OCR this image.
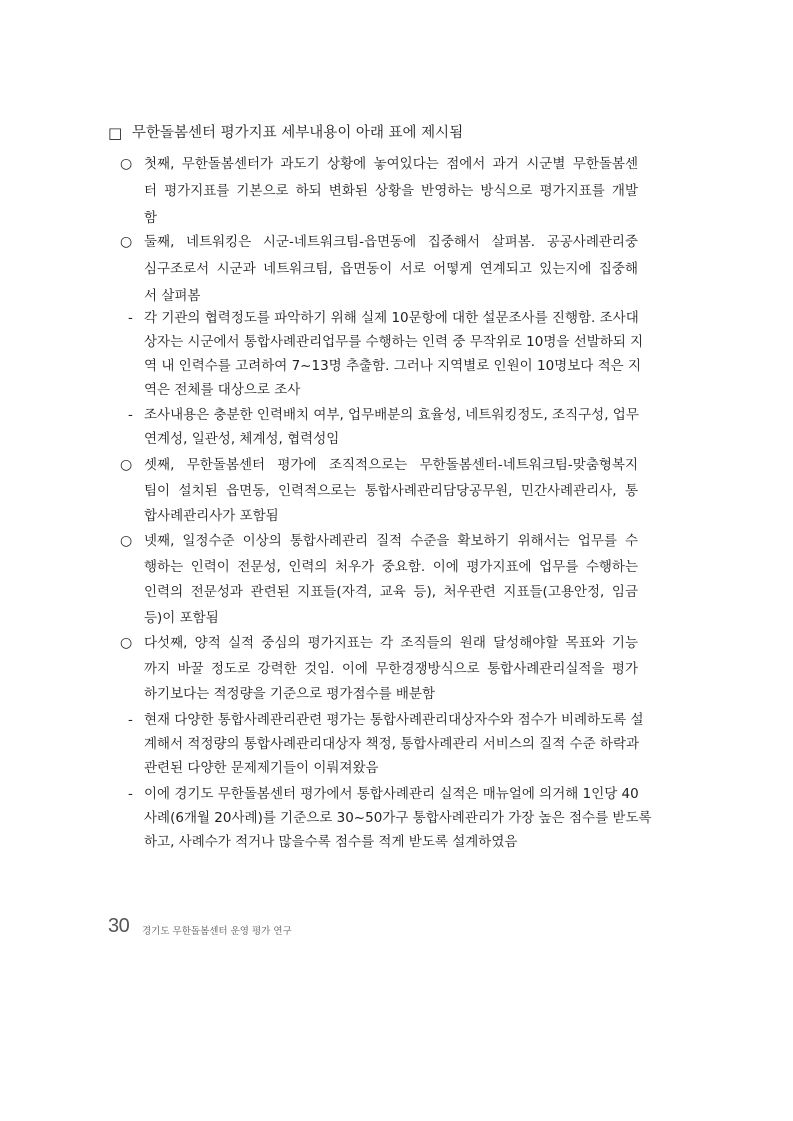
□ 무한돌봄센터 평가지표 세부내용이 아래 표에 제시됨
○ 첫째, 무한돌봄센터가 과도기 상황에 놓여있다는 점에서 과거 시군별 무한돌봄센
터 평가지표를 기본으로 하되 변화된 상황을 반영하는 방식으로 평가지표를 개발
함
○ 둘째, 네트워킹은 시군-네트워크팀-읍면동에 집중해서 살펴봄. 공공사례관리중
심구조로서 시군과 네트워크팀, 읍면동이 서로 어떻게 연계되고 있는지에 집중해
서 살펴봄
- 각 기관의 협력정도를 파악하기 위해 실제 10문항에 대한 설문조사를 진행함. 조사대
상자는 시군에서 통합사례관리업무를 수행하는 인력 중 무작위로 10명을 선발하되 지
역 내 인력수를 고려하여 7~13명 추출함. 그러나 지역별로 인원이 10명보다 적은 지
역은 전체를 대상으로 조사
- 조사내용은 충분한 인력배치 여부, 업무배분의 효율성, 네트워킹정도, 조직구성, 업무
연계성, 일관성, 체계성, 협력성임
○ 셋째, 무한돌봄센터 평가에 조직적으로는 무한돌봄센터-네트워크팀-맞춤형복지
팀이 설치된 읍면동, 인력적으로는 통합사례관리담당공무원, 민간사례관리사, 통
합사례관리사가 포함됨
○ 넷째, 일정수준 이상의 통합사례관리 질적 수준을 확보하기 위해서는 업무를 수
행하는 인력이 전문성, 인력의 처우가 중요함. 이에 평가지표에 업무를 수행하는
인력의 전문성과 관련된 지표들(자격, 교육 등), 처우관련 지표들(고용안정, 임금
등)이 포함됨
○ 다섯째, 양적 실적 중심의 평가지표는 각 조직들의 원래 달성해야할 목표와 기능
까지 바꿀 정도로 강력한 것임. 이에 무한경쟁방식으로 통합사례관리실적을 평가
하기보다는 적정량을 기준으로 평가점수를 배분함
- 현재 다양한 통합사례관리관련 평가는 통합사례관리대상자수와 점수가 비례하도록 설
계해서 적정량의 통합사례관리대상자 책정, 통합사례관리 서비스의 질적 수준 하락과
관련된 다양한 문제제기들이 이뤄져왔음
- 이에 경기도 무한돌봄센터 평가에서 통합사례관리 실적은 매뉴얼에 의거해 1인당 40
사례(6개월 20사례)를 기준으로 30~50가구 통합사례관리가 가장 높은 점수를 받도록
하고, 사례수가 적거나 많을수록 점수를 적게 받도록 설계하였음
30 경기도 무한돌봄센터 운영 평가 연구
